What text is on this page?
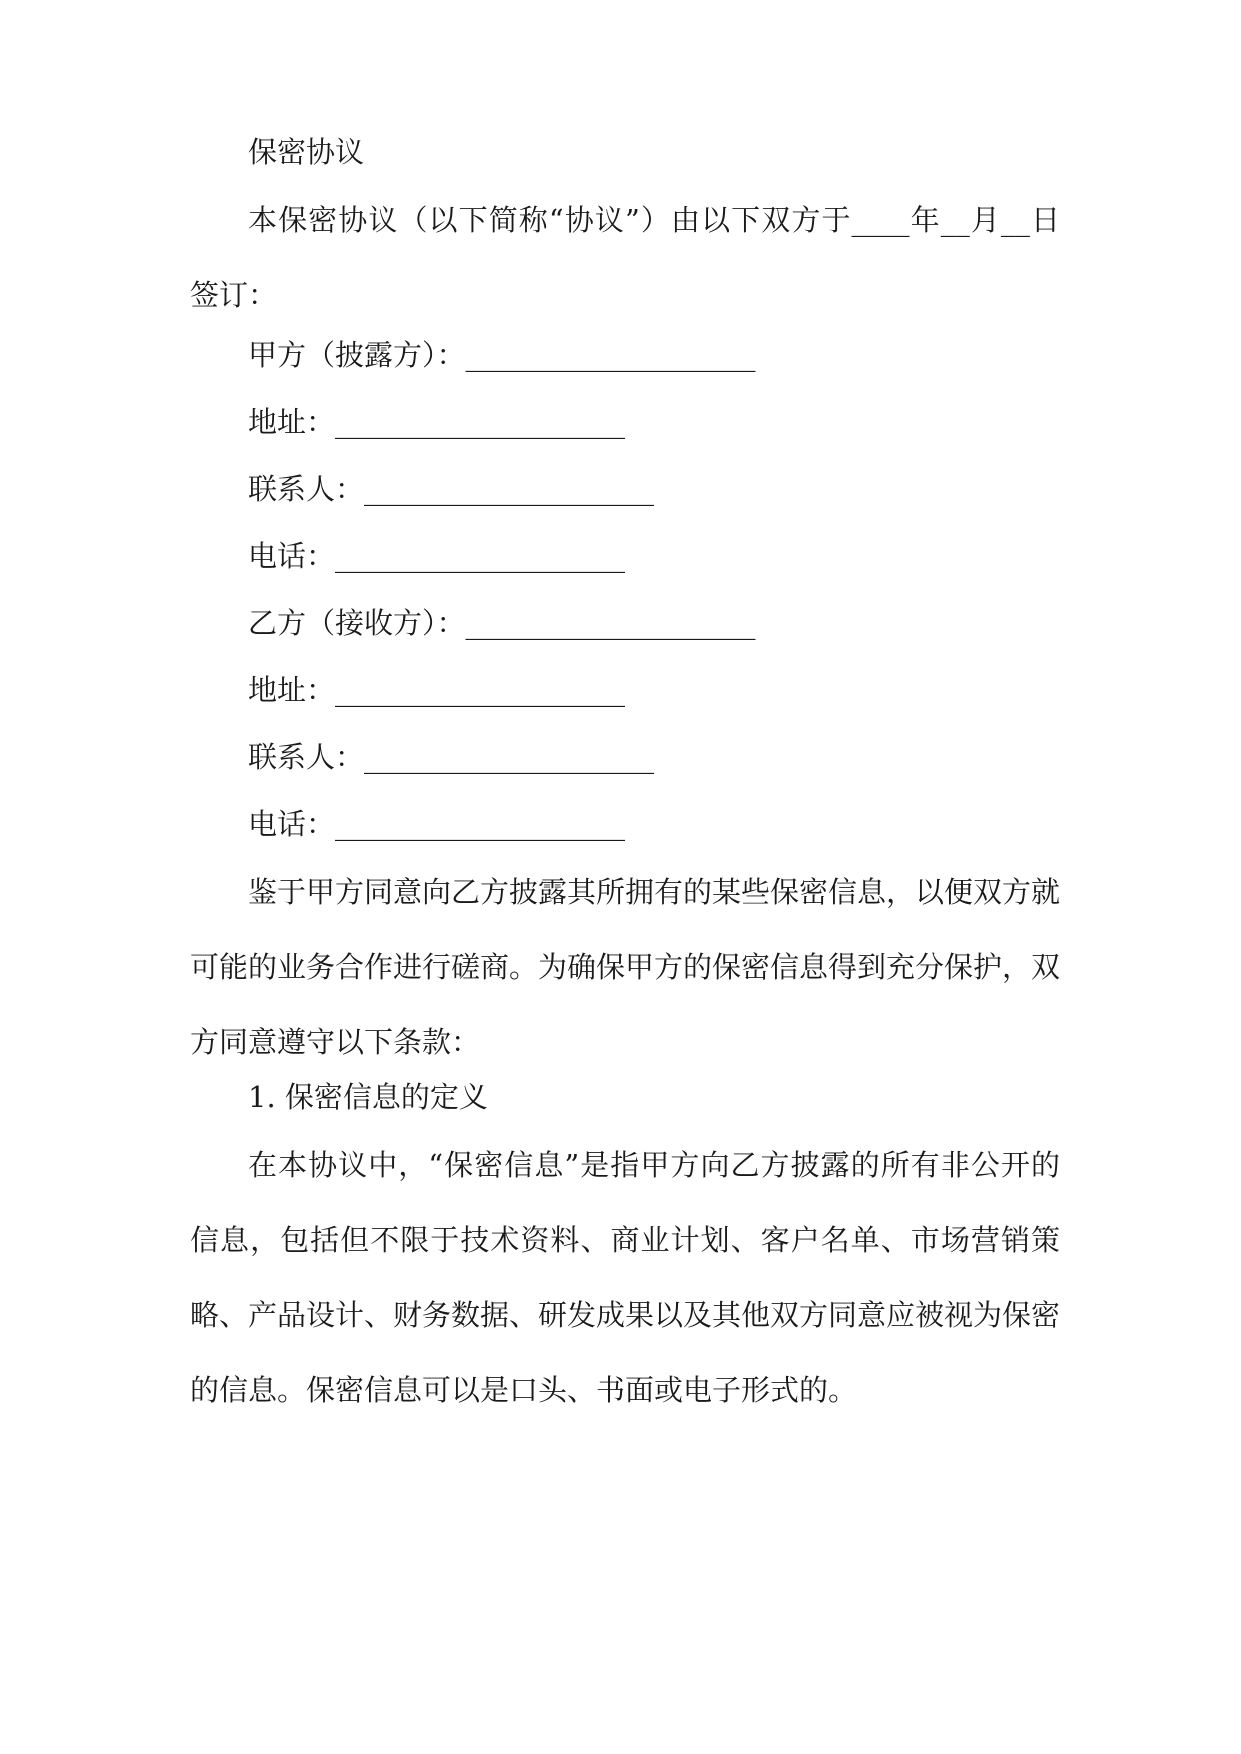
保密协议

本保密协议（以下简称“协议”）由以下双方于____年__月__日签订：

甲方（披露方）：____________________

地址：____________________

联系人：____________________

电话：____________________

乙方（接收方）：____________________

地址：____________________

联系人：____________________

电话：____________________

鉴于甲方同意向乙方披露其所拥有的某些保密信息，以便双方就可能的业务合作进行磋商。为确保甲方的保密信息得到充分保护，双方同意遵守以下条款：

1. 保密信息的定义

在本协议中，“保密信息”是指甲方向乙方披露的所有非公开的信息，包括但不限于技术资料、商业计划、客户名单、市场营销策略、产品设计、财务数据、研发成果以及其他双方同意应被视为保密的信息。保密信息可以是口头、书面或电子形式的。
